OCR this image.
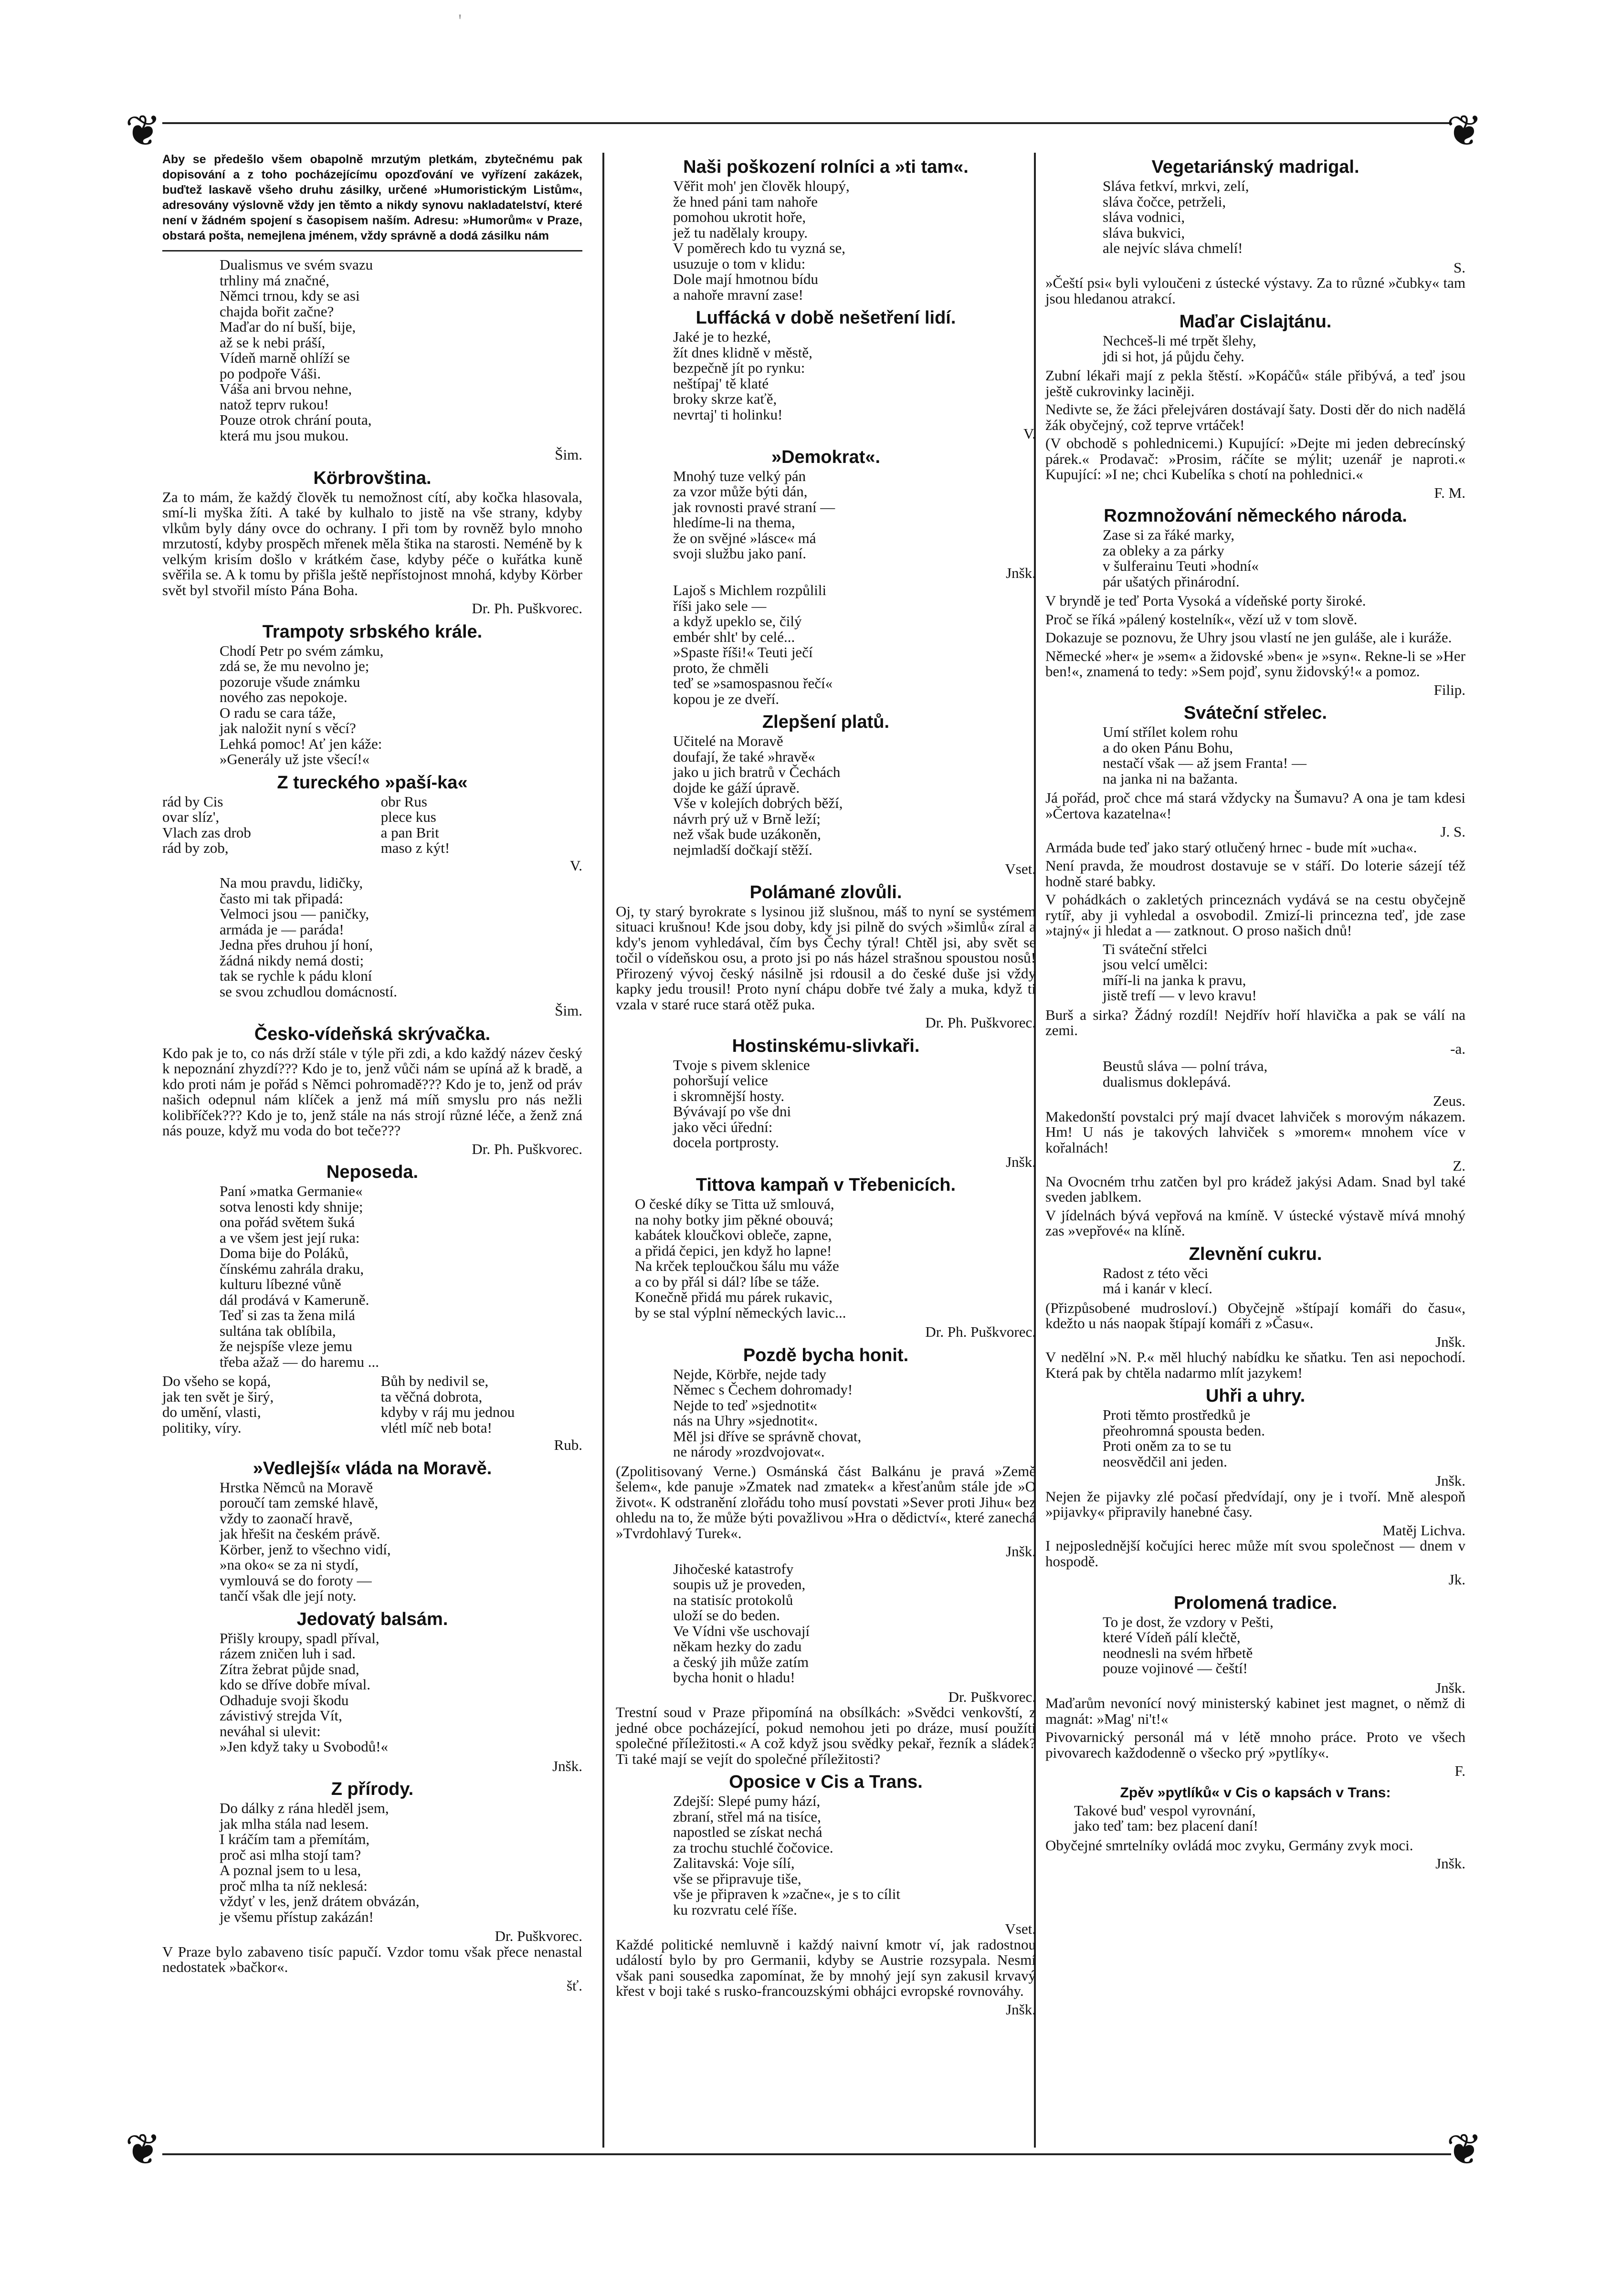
'
❦	❦
❦	❦
Aby se předešlo všem obapolně mrzutým pletkám, zbytečnému pak dopisování a z toho pocházejícímu opozďování ve vyřízení zakázek, buďtež laskavě všeho druhu zásilky, určené »Humoristickým Listům«, adresovány výslovně vždy jen těmto a nikdy synovu nakladatelství, které není v žádném spojení s časopisem naším. Adresu: »Humorům« v Praze, obstará pošta, nemejlena jménem, vždy správně a dodá zásilku nám
Dualismus ve svém svazu
trhliny má značné,
Němci trnou, kdy se asi
chajda bořit začne?
Maďar do ní buší, bije,
až se k nebi práší,
Vídeň marně ohlíží se
po podpoře Váši.
Váša ani brvou nehne,
natož teprv rukou!
Pouze otrok chrání pouta,
která mu jsou mukou.
Šim.
Körbrovština.

Za to mám, že každý člověk tu nemožnost cítí, aby kočka hlasovala, smí-li myška žíti. A také by kulhalo to jistě na vše strany, kdyby vlkům byly dány ovce do ochrany. I při tom by rovněž bylo mnoho mrzutostí, kdyby prospěch mřenek měla štika na starosti. Neméně by k velkým krisím došlo v krátkém čase, kdyby péče o kuřátka kuně svěřila se. A k tomu by přišla ještě nepřístojnost mnohá, kdyby Körber svět byl stvořil místo Pána Boha.

Dr. Ph. Puškvorec.
Trampoty srbského krále.
Chodí Petr po svém zámku,
zdá se, že mu nevolno je;
pozoruje všude známku
nového zas nepokoje.
O radu se cara táže,
jak naložit nyní s věcí?
Lehká pomoc! Ať jen káže:
»Generály už jste všecí!«
Z tureckého »paší-ka«
rád by Cis
ovar slíz',
Vlach zas drob
rád by zob,
obr Rus
plece kus
a pan Brit
maso z kýt!
V.
Na mou pravdu, lidičky,
často mi tak připadá:
Velmoci jsou — paničky,
armáda je — paráda!
Jedna přes druhou jí honí,
žádná nikdy nemá dosti;
tak se rychle k pádu kloní
se svou zchudlou domácností.
Šim.
Česko-vídeňská skrývačka.

Kdo pak je to, co nás drží stále v týle při zdi, a kdo každý název český k nepoznání zhyzdí??? Kdo je to, jenž vůči nám se upíná až k bradě, a kdo proti nám je pořád s Němci pohromadě??? Kdo je to, jenž od práv našich odepnul nám klíček a jenž má míň smyslu pro nás nežli kolibříček??? Kdo je to, jenž stále na nás strojí různé léče, a ženž zná nás pouze, když mu voda do bot teče???

Dr. Ph. Puškvorec.
Neposeda.
Paní »matka Germanie«
sotva lenosti kdy shnije;
ona pořád světem šuká
a ve všem jest její ruka:
Doma bije do Poláků,
čínskému zahrála draku,
kulturu líbezné vůně
dál prodává v Kameruně.
Teď si zas ta žena milá
sultána tak oblíbila,
že nejspíše vleze jemu
třeba ažaž — do haremu ...
Do všeho se kopá,
jak ten svět je širý,
do umění, vlasti,
politiky, víry.
Bůh by nedivil se,
ta věčná dobrota,
kdyby v ráj mu jednou
vlétl míč neb bota!
Rub.
»Vedlejší« vláda na Moravě.
Hrstka Němců na Moravě
poroučí tam zemské hlavě,
vždy to zaonačí hravě,
jak hřešit na českém právě.
Körber, jenž to všechno vidí,
»na oko« se za ni stydí,
vymlouvá se do foroty —
tančí však dle její noty.
Jedovatý balsám.
Přišly kroupy, spadl příval,
rázem zničen luh i sad.
Zítra žebrat půjde snad,
kdo se dříve dobře míval.
Odhaduje svoji škodu
závistivý strejda Vít,
neváhal si ulevit:
»Jen když taky u Svobodů!«
Jnšk.
Z přírody.
Do dálky z rána hleděl jsem,
jak mlha stála nad lesem.
I kráčím tam a přemítám,
proč asi mlha stojí tam?
A poznal jsem to u lesa,
proč mlha ta níž neklesá:
vždyť v les, jenž drátem obvázán,
je všemu přístup zakázán!
Dr. Puškvorec.

V Praze bylo zabaveno tisíc papučí. Vzdor tomu však přece nenastal nedostatek »bačkor«.

šť.
Naši poškození rolníci a »ti tam«.
Věřit moh' jen člověk hloupý,
že hned páni tam nahoře
pomohou ukrotit hoře,
jež tu nadělaly kroupy.
V poměrech kdo tu vyzná se,
usuzuje o tom v klidu:
Dole mají hmotnou bídu
a nahoře mravní zase!
Luffácká v době nešetření lidí.
Jaké je to hezké,
žít dnes klidně v městě,
bezpečně jít po rynku:
neštípaj' tě klaté
broky skrze kaťě,
nevrtaj' ti holinku!
V.
»Demokrat«.
Mnohý tuze velký pán
za vzor může býti dán,
jak rovnosti pravé straní —
hledíme-li na thema,
že on svějné »lásce« má
svoji službu jako paní.
Jnšk.
Lajoš s Michlem rozpůlili
říši jako sele —
a když upeklo se, čilý
embér shlt' by celé...
»Spaste říši!« Teuti ječí
proto, že chměli
teď se »samospasnou řečí«
kopou je ze dveří.
Zlepšení platů.
Učitelé na Moravě
doufají, že také »hravě«
jako u jich bratrů v Čechách
dojde ke gáží úpravě.
Vše v kolejích dobrých běží,
návrh prý už v Brně leží;
než však bude uzákoněn,
nejmladší dočkají stěží.
Vset.
Polámané zlovůli.

Oj, ty starý byrokrate s lysinou již slušnou, máš to nyní se systémem situaci krušnou! Kde jsou doby, kdy jsi pilně do svých »šimlů« zíral a kdy's jenom vyhledával, čím bys Čechy týral! Chtěl jsi, aby svět se točil o vídeňskou osu, a proto jsi po nás házel strašnou spoustou nosů! Přirozený vývoj český násilně jsi rdousil a do české duše jsi vždy kapky jedu trousil! Proto nyní chápu dobře tvé žaly a muka, když ti vzala v staré ruce stará otěž puka.

Dr. Ph. Puškvorec.
Hostinskému-slivkaři.
Tvoje s pivem sklenice
pohoršují velice
i skromnější hosty.
Bývávají po vše dni
jako věci úřední:
docela portprosty.
Jnšk.
Tittova kampaň v Třebenicích.
O české díky se Titta už smlouvá,
na nohy botky jim pěkné obouvá;
kabátek kloučkovi obleče, zapne,
a přidá čepici, jen když ho lapne!
Na krček teploučkou šálu mu váže
a co by přál si dál? líbe se táže.
Konečně přidá mu párek rukavic,
by se stal výplní německých lavic...
Dr. Ph. Puškvorec.
Pozdě bycha honit.
Nejde, Körbře, nejde tady
Němec s Čechem dohromady!
Nejde to teď »sjednotit«
nás na Uhry »sjednotit«.
Měl jsi dříve se správně chovat,
ne národy »rozdvojovat«.

(Zpolitisovaný Verne.) Osmánská část Balkánu je pravá »Země šelem«, kde panuje »Zmatek nad zmatek« a křesťanům stále jde »O život«. K odstranění zlořádu toho musí povstati »Sever proti Jihu« bez ohledu na to, že může býti považlivou »Hra o dědictví«, které zanechá »Tvrdohlavý Turek«.

Jnšk.
Jihočeské katastrofy
soupis už je proveden,
na statisíc protokolů
uloží se do beden.
Ve Vídni vše uschovají
někam hezky do zadu
a český jih může zatím
bycha honit o hladu!
Dr. Puškvorec.

Trestní soud v Praze připomíná na obsílkách: »Svědci venkovští, z jedné obce pocházející, pokud nemohou jeti po dráze, musí použíti společné příležitosti.« A což když jsou svědky pekař, řezník a sládek? Ti také mají se vejít do společné příležitosti?

Oposice v Cis a Trans.
Zdejší: Slepé pumy hází,
zbraní, střel má na tisíce,
napostled se získat nechá
za trochu stuchlé čočovice.
Zalitavská: Voje sílí,
vše se připravuje tiše,
vše je připraven k »začne«, je s to cílit
ku rozvratu celé říše.
Vset.

Každé politické nemluvně i každý naivní kmotr ví, jak radostnou událostí bylo by pro Germanii, kdyby se Austrie rozsypala. Nesmí však pani sousedka zapomínat, že by mnohý její syn zakusil krvavý křest v boji také s rusko-francouzskými obhájci evropské rovnováhy.

Jnšk.
Vegetariánský madrigal.
Sláva fetkví, mrkvi, zelí,
sláva čočce, petrželi,
sláva vodnici,
sláva bukvici,
ale nejvíc sláva chmelí!
S.

»Čeští psi« byli vyloučeni z ústecké výstavy. Za to různé »čubky« tam jsou hledanou atrakcí.

Maďar Cislajtánu.
Nechceš-li mé trpět šlehy,
jdi si hot, já půjdu čehy.

Zubní lékaři mají z pekla štěstí. »Kopáčů« stále přibývá, a teď jsou ještě cukrovinky laciněji.

Nedivte se, že žáci přelejváren dostávají šaty. Dosti děr do nich nadělá žák obyčejný, což teprve vrtáček!

(V obchodě s pohlednicemi.) Kupující: »Dejte mi jeden debrecínský párek.« Prodavač: »Prosim, ráčíte se mýlit; uzenář je naproti.« Kupující: »I ne; chci Kubelíka s chotí na pohlednici.«

F. M.
Rozmnožování německého národa.
Zase si za řáké marky,
za obleky a za párky
v šulferainu Teuti »hodní«
pár ušatých přinárodní.

V bryndě je teď Porta Vysoká a vídeňské porty široké.

Proč se říká »pálený kostelník«, vězí už v tom slově.

Dokazuje se poznovu, že Uhry jsou vlastí ne jen guláše, ale i kuráže.

Německé »her« je »sem« a židovské »ben« je »syn«. Rekne-li se »Her ben!«, znamená to tedy: »Sem pojď, synu židovský!« a pomoz.

Filip.
Sváteční střelec.
Umí střílet kolem rohu
a do oken Pánu Bohu,
nestačí však — až jsem Franta! —
na janka ni na bažanta.

Já pořád, proč chce má stará vždycky na Šumavu? A ona je tam kdesi »Čertova kazatelna«!

J. S.

Armáda bude teď jako starý otlučený hrnec - bude mít »ucha«.

Není pravda, že moudrost dostavuje se v stáří. Do loterie sázejí též hodně staré babky.

V pohádkách o zakletých princeznách vydává se na cestu obyčejně rytíř, aby ji vyhledal a osvobodil. Zmizí-li princezna teď, jde zase »tajný« ji hledat a — zatknout. O proso našich dnů!

Ti sváteční střelci
jsou velcí umělci:
míří-li na janka k pravu,
jistě trefí — v levo kravu!

Burš a sirka? Žádný rozdíl! Nejdřív hoří hlavička a pak se válí na zemi.

-a.
Beustů sláva — polní tráva,
dualismus doklepává.
Zeus.

Makedonští povstalci prý mají dvacet lahviček s morovým nákazem. Hm! U nás je takových lahviček s »morem« mnohem více v kořalnách!

Z.

Na Ovocném trhu zatčen byl pro krádež jakýsi Adam. Snad byl také sveden jablkem.

V jídelnách bývá vepřová na kmíně. V ústecké výstavě mívá mnohý zas »vepřové« na klíně.

Zlevnění cukru.
Radost z této věci
má i kanár v klecí.

(Přizpůsobené mudrosloví.) Obyčejně »štípají komáři do času«, kdežto u nás naopak štípají komáři z »Času«.

Jnšk.

V nedělní »N. P.« měl hluchý nabídku ke sňatku. Ten asi nepochodí. Která pak by chtěla nadarmo mlít jazykem!

Uhři a uhry.
Proti těmto prostředků je
přeohromná spousta beden.
Proti oněm za to se tu
neosvědčil ani jeden.
Jnšk.

Nejen že pijavky zlé počasí předvídají, ony je i tvoří. Mně alespoň »pijavky« připravily hanebné časy.

Matěj Lichva.

I nejposlednější kočujíci herec může mít svou společnost — dnem v hospodě.

Jk.
Prolomená tradice.
To je dost, že vzdory v Pešti,
které Vídeň pálí klečtě,
neodnesli na svém hřbetě
pouze vojinové — čeští!
Jnšk.

Maďarům nevonící nový ministerský kabinet jest magnet, o němž di magnát: »Mag' ni't!«

Pivovarnický personál má v létě mnoho práce. Proto ve všech pivovarech každodenně o všecko prý »pytlíky«.

F.
Zpěv »pytlíků« v Cis o kapsách v Trans:
Takové bud' vespol vyrovnání,
jako teď tam: bez placení daní!

Obyčejné smrtelníky ovládá moc zvyku, Germány zvyk moci.

Jnšk.
